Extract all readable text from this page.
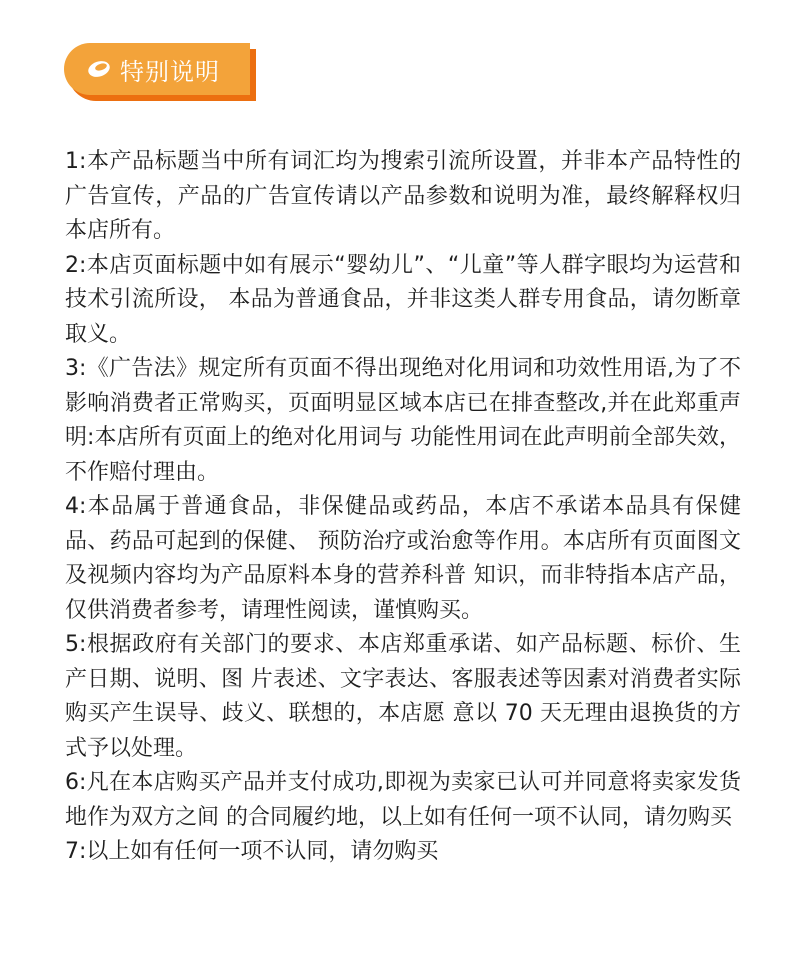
特别说明
1:本产品标题当中所有词汇均为搜索引流所设置，并非本产品特性的广告宣传，产品的广告宣传请以产品参数和说明为准，最终解释权归本店所有。
2:本店页面标题中如有展示“婴幼儿”、“儿童”等人群字眼均为运营和技术引流所设， 本品为普通食品，并非这类人群专用食品，请勿断章取义。
3:《广告法》规定所有页面不得出现绝对化用词和功效性用语,为了不影响消费者正常购买，页面明显区域本店已在排查整改,并在此郑重声明:本店所有页面上的绝对化用词与 功能性用词在此声明前全部失效，不作赔付理由。
4:本品属于普通食品，非保健品或药品，本店不承诺本品具有保健品、药品可起到的保健、 预防治疗或治愈等作用。本店所有页面图文及视频内容均为产品原料本身的营养科普 知识，而非特指本店产品，仅供消费者参考，请理性阅读，谨慎购买。
5:根据政府有关部门的要求、本店郑重承诺、如产品标题、标价、生产日期、说明、图 片表述、文字表达、客服表述等因素对消费者实际购买产生误导、歧义、联想的，本店愿 意以 70 天无理由退换货的方式予以处理。
6:凡在本店购买产品并支付成功,即视为卖家已认可并同意将卖家发货地作为双方之间 的合同履约地，以上如有任何一项不认同，请勿购买
7:以上如有任何一项不认同，请勿购买
